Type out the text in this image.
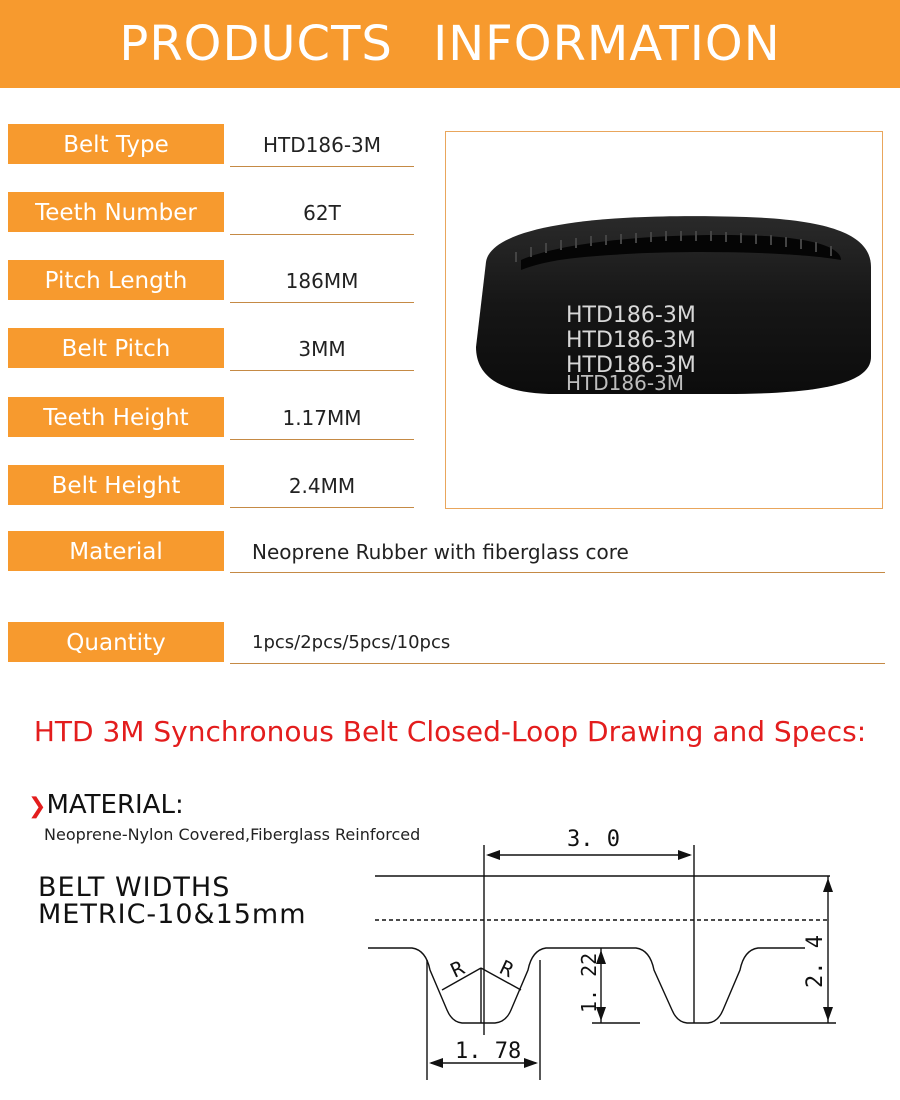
PRODUCTS INFORMATION
Belt Type	HTD186-3M
Teeth Number	62T
Pitch Length	186MM
Belt Pitch	3MM
Teeth Height	1.17MM
Belt Height	2.4MM
Material	Neoprene Rubber with fiberglass core
Quantity	1pcs/2pcs/5pcs/10pcs
HTD186-3M
HTD186-3M
HTD186-3M
HTD186-3M
HTD 3M Synchronous Belt Closed-Loop Drawing and Specs:
❯MATERIAL:
Neoprene-Nylon Covered,Fiberglass Reinforced
BELT WIDTHS
METRIC-10&15mm
3. 0
1. 78
2. 4
1. 22
R R
